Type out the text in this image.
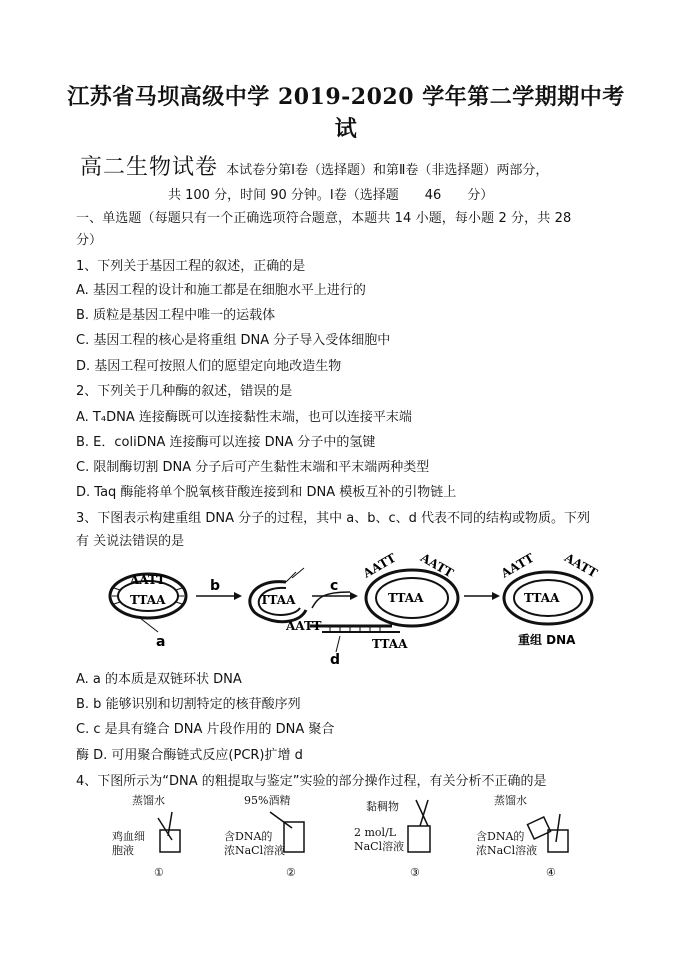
江苏省马坝高级中学 2019-2020 学年第二学期期中考
试
高二生物试卷 本试卷分第Ⅰ卷（选择题）和第Ⅱ卷（非选择题）两部分，
共 100 分，时间 90 分钟。Ⅰ卷（选择题　　46　　分）
一、单选题（每题只有一个正确选项符合题意，本题共 14 小题，每小题 2 分，共 28
分）
1、下列关于基因工程的叙述，正确的是
A. 基因工程的设计和施工都是在细胞水平上进行的
B. 质粒是基因工程中唯一的运载体
C. 基因工程的核心是将重组 DNA 分子导入受体细胞中
D. 基因工程可按照人们的愿望定向地改造生物
2、下列关于几种酶的叙述，错误的是
A. T₄DNA 连接酶既可以连接黏性末端，也可以连接平末端
B. E．coliDNA 连接酶可以连接 DNA 分子中的氢键
C. 限制酶切割 DNA 分子后可产生黏性末端和平末端两种类型
D. Taq 酶能将单个脱氧核苷酸连接到和 DNA 模板互补的引物链上
3、下图表示构建重组 DNA 分子的过程，其中 a、b、c、d 代表不同的结构或物质。下列
有 关说法错误的是
AATT
TTAA
a
b
TTAA
AATT
TTAA
d
c
AATT AATT
TTAA
AATT AATT
TTAA
重组 DNA
A. a 的本质是双链环状 DNA
B. b 能够识别和切割特定的核苷酸序列
C. c 是具有缝合 DNA 片段作用的 DNA 聚合
酶 D. 可用聚合酶链式反应(PCR)扩增 d
4、下图所示为“DNA 的粗提取与鉴定”实验的部分操作过程，有关分析不正确的是
蒸馏水
鸡血细
胞液
①
95%酒精
含DNA的
浓NaCl溶液
②
黏稠物
2 mol/L
NaCl溶液
③
蒸馏水
含DNA的
浓NaCl溶液
④
